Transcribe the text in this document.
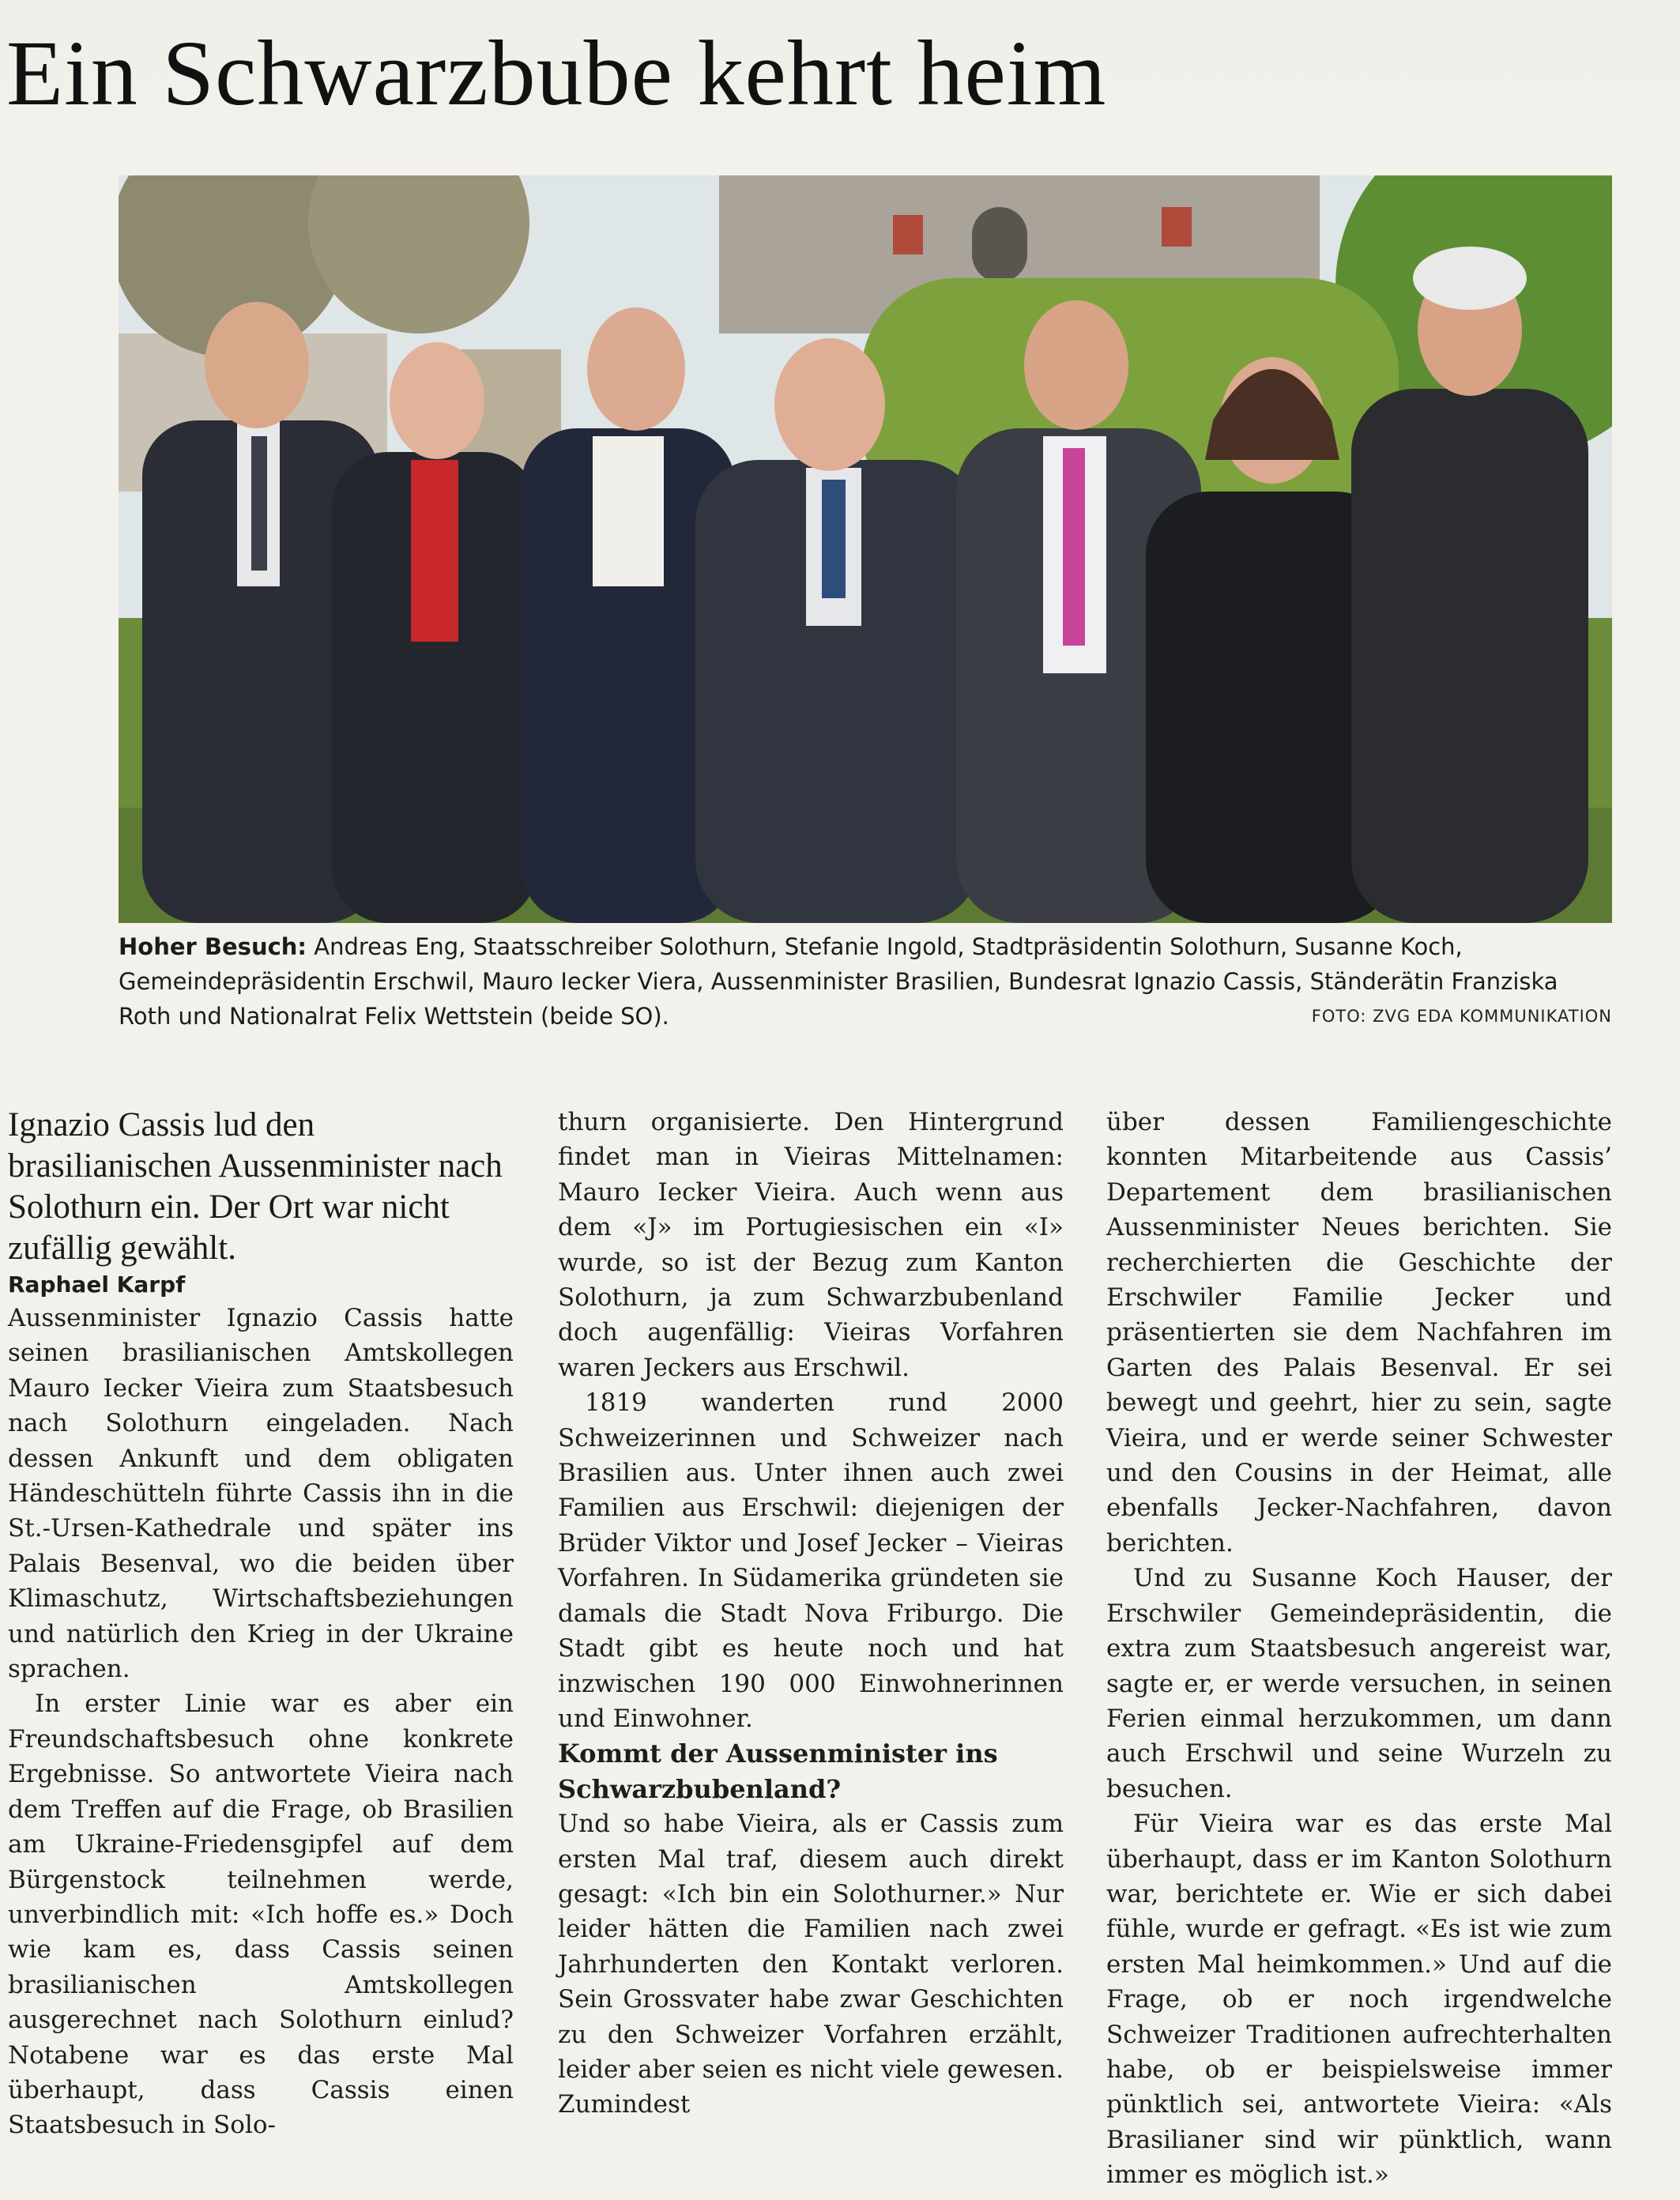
Ein Schwarzbube kehrt heim
Hoher Besuch: Andreas Eng, Staatsschreiber Solothurn, Stefanie Ingold, Stadtpräsidentin Solothurn, Susanne Koch, Gemeindepräsidentin Erschwil, Mauro Iecker Viera, Aussenminister Brasilien, Bundesrat Ignazio Cassis, Ständerätin Franziska Roth und Nationalrat Felix Wettstein (beide SO).	FOTO: ZVG EDA KOMMUNIKATION

Ignazio Cassis lud den brasilianischen Aussenminister nach Solothurn ein. Der Ort war nicht zufällig gewählt.

Raphael Karpf

Aussenminister Ignazio Cassis hatte seinen brasilianischen Amtskollegen Mauro Iecker Vieira zum Staatsbesuch nach Solothurn eingeladen. Nach dessen Ankunft und dem obligaten Händeschütteln führte Cassis ihn in die St.-Ursen-Kathedrale und später ins Palais Besenval, wo die beiden über Klimaschutz, Wirtschaftsbeziehungen und natürlich den Krieg in der Ukraine sprachen.

In erster Linie war es aber ein Freundschaftsbesuch ohne konkrete Ergebnisse. So antwortete Vieira nach dem Treffen auf die Frage, ob Brasilien am Ukraine-Friedensgipfel auf dem Bürgenstock teilnehmen werde, unverbindlich mit: «Ich hoffe es.» Doch wie kam es, dass Cassis seinen brasilianischen Amtskollegen ausgerechnet nach Solothurn einlud? Notabene war es das erste Mal überhaupt, dass Cassis einen Staatsbesuch in Solo-

thurn organisierte. Den Hintergrund findet man in Vieiras Mittelnamen: Mauro Iecker Vieira. Auch wenn aus dem «J» im Portugiesischen ein «I» wurde, so ist der Bezug zum Kanton Solothurn, ja zum Schwarzbubenland doch augenfällig: Vieiras Vorfahren waren Jeckers aus Erschwil.

1819 wanderten rund 2000 Schweizerinnen und Schweizer nach Brasilien aus. Unter ihnen auch zwei Familien aus Erschwil: diejenigen der Brüder Viktor und Josef Jecker – Vieiras Vorfahren. In Südamerika gründeten sie damals die Stadt Nova Friburgo. Die Stadt gibt es heute noch und hat inzwischen 190 000 Einwohnerinnen und Einwohner.

Kommt der Aussenminister ins Schwarzbubenland?

Und so habe Vieira, als er Cassis zum ersten Mal traf, diesem auch direkt gesagt: «Ich bin ein Solothurner.» Nur leider hätten die Familien nach zwei Jahrhunderten den Kontakt verloren. Sein Grossvater habe zwar Geschichten zu den Schweizer Vorfahren erzählt, leider aber seien es nicht viele gewesen. Zumindest

über dessen Familiengeschichte konnten Mitarbeitende aus Cassis’ Departement dem brasilianischen Aussenminister Neues berichten. Sie recherchierten die Geschichte der Erschwiler Familie Jecker und präsentierten sie dem Nachfahren im Garten des Palais Besenval. Er sei bewegt und geehrt, hier zu sein, sagte Vieira, und er werde seiner Schwester und den Cousins in der Heimat, alle ebenfalls Jecker-Nachfahren, davon berichten.

Und zu Susanne Koch Hauser, der Erschwiler Gemeindepräsidentin, die extra zum Staatsbesuch angereist war, sagte er, er werde versuchen, in seinen Ferien einmal herzukommen, um dann auch Erschwil und seine Wurzeln zu besuchen.

Für Vieira war es das erste Mal überhaupt, dass er im Kanton Solothurn war, berichtete er. Wie er sich dabei fühle, wurde er gefragt. «Es ist wie zum ersten Mal heimkommen.» Und auf die Frage, ob er noch irgendwelche Schweizer Traditionen aufrechterhalten habe, ob er beispielsweise immer pünktlich sei, antwortete Vieira: «Als Brasilianer sind wir pünktlich, wann immer es möglich ist.»
